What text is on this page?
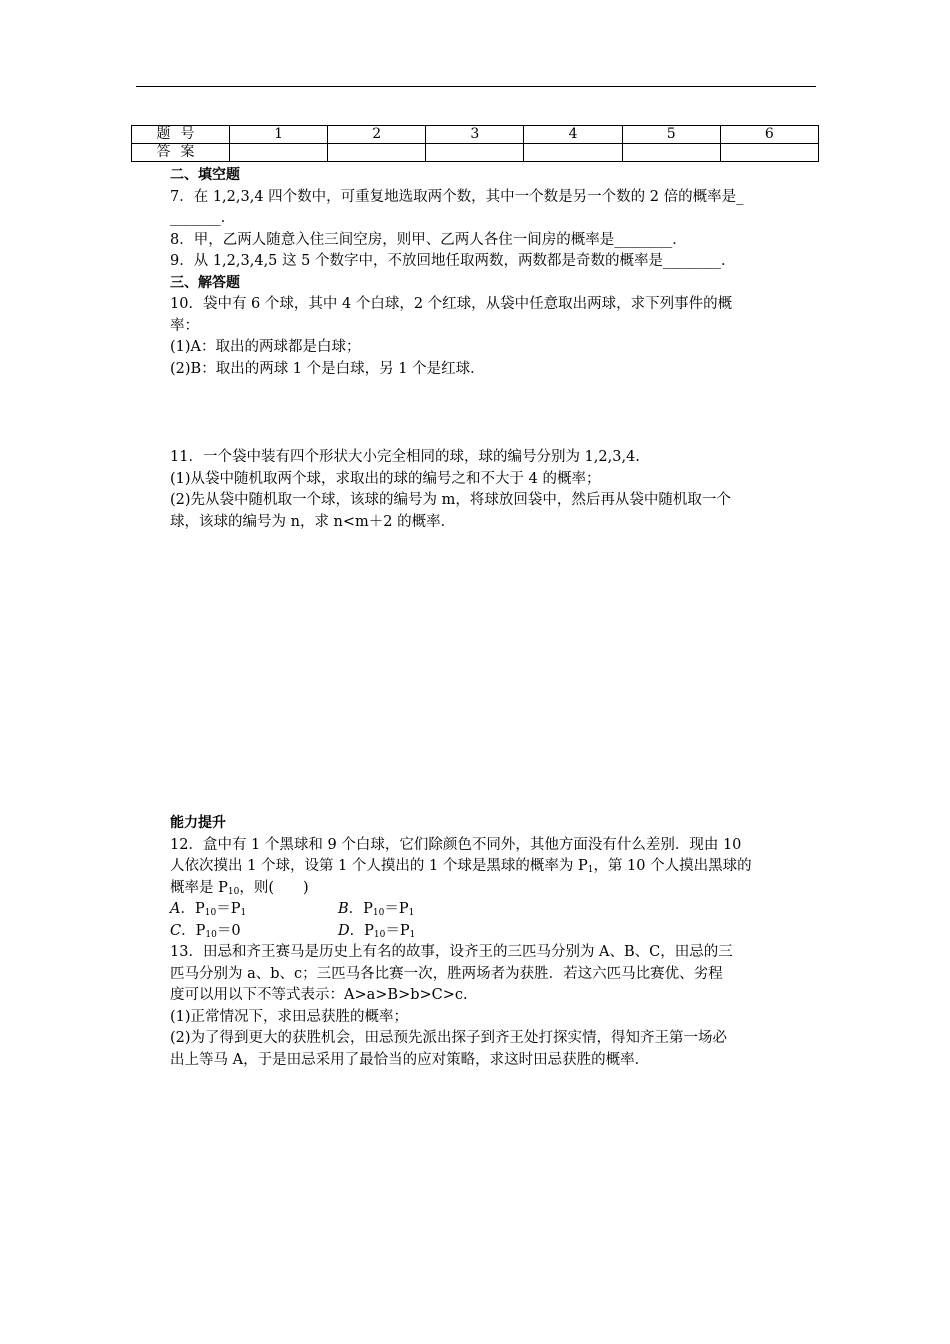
题号	1	2	3	4	5	6
答案						

二、填空题

7．在 1,2,3,4 四个数中，可重复地选取两个数，其中一个数是另一个数的 2 倍的概率是_

_______．

8．甲，乙两人随意入住三间空房，则甲、乙两人各住一间房的概率是________．

9．从 1,2,3,4,5 这 5 个数字中，不放回地任取两数，两数都是奇数的概率是________．

三、解答题

10．袋中有 6 个球，其中 4 个白球，2 个红球，从袋中任意取出两球，求下列事件的概

率：

(1)A：取出的两球都是白球；

(2)B：取出的两球 1 个是白球，另 1 个是红球．

11．一个袋中装有四个形状大小完全相同的球，球的编号分别为 1,2,3,4.

(1)从袋中随机取两个球，求取出的球的编号之和不大于 4 的概率；

(2)先从袋中随机取一个球，该球的编号为 m，将球放回袋中，然后再从袋中随机取一个

球，该球的编号为 n，求 n<m＋2 的概率．

能力提升

12．盒中有 1 个黑球和 9 个白球，它们除颜色不同外，其他方面没有什么差别．现由 10

人依次摸出 1 个球，设第 1 个人摸出的 1 个球是黑球的概率为 $P_1$，第 10 个人摸出黑球的

概率是 $P_{10}$，则(　　)

A．$P_{10}=P_1$	B．$P_{10}=P_1$

C．$P_{10}=0$	D．$P_{10}=P_1$

13．田忌和齐王赛马是历史上有名的故事，设齐王的三匹马分别为 A、B、C，田忌的三

匹马分别为 a、b、c；三匹马各比赛一次，胜两场者为获胜．若这六匹马比赛优、劣程

度可以用以下不等式表示：A>a>B>b>C>c.

(1)正常情况下，求田忌获胜的概率；

(2)为了得到更大的获胜机会，田忌预先派出探子到齐王处打探实情，得知齐王第一场必

出上等马 A，于是田忌采用了最恰当的应对策略，求这时田忌获胜的概率．
